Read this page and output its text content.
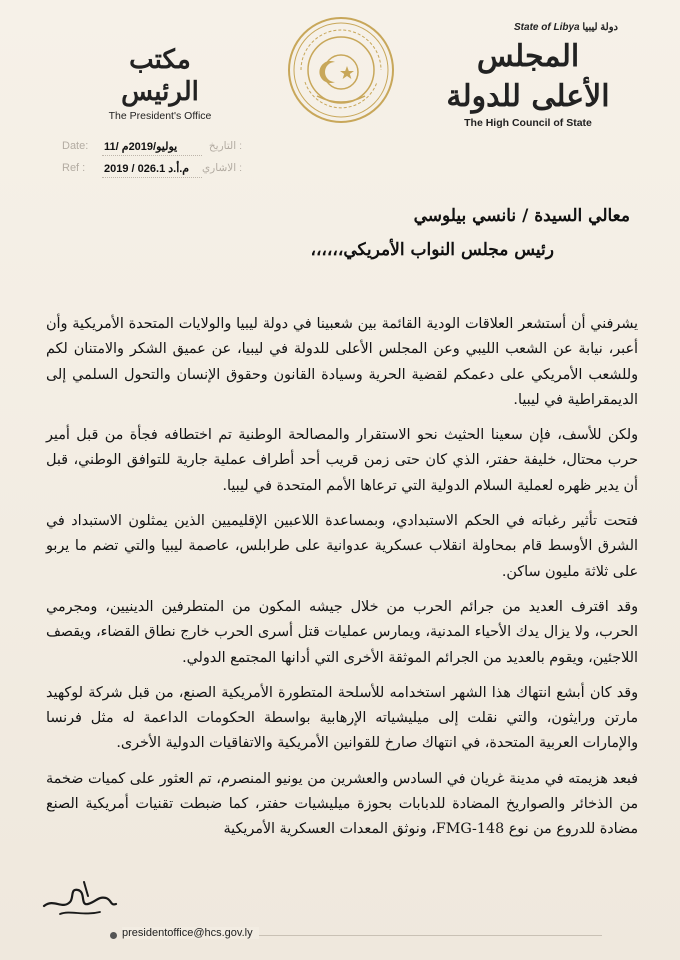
مكتب الرئيس
The President's Office
State of Libya دولة ليبيا
المجلس الأعلى للدولة
The High Council of State
Date: 11/ يوليو/2019م	التاريخ :
Ref : م.أ.د 026.1 / 2019 الاشاري :
معالي السيدة / نانسي بيلوسي
رئيس مجلس النواب الأمريكي،،،،،،

يشرفني أن أستشعر العلاقات الودية القائمة بين شعبينا في دولة ليبيا والولايات المتحدة الأمريكية وأن أعبر، نيابة عن الشعب الليبي وعن المجلس الأعلى للدولة في ليبيا، عن عميق الشكر والامتنان لكم وللشعب الأمريكي على دعمكم لقضية الحرية وسيادة القانون وحقوق الإنسان والتحول السلمي إلى الديمقراطية في ليبيا.

ولكن للأسف، فإن سعينا الحثيث نحو الاستقرار والمصالحة الوطنية تم اختطافه فجأة من قبل أمير حرب محتال، خليفة حفتر، الذي كان حتى زمن قريب أحد أطراف عملية جارية للتوافق الوطني، قبل أن يدير ظهره لعملية السلام الدولية التي ترعاها الأمم المتحدة في ليبيا.

فتحت تأثير رغباته في الحكم الاستبدادي، وبمساعدة اللاعبين الإقليميين الذين يمثلون الاستبداد في الشرق الأوسط قام بمحاولة انقلاب عسكرية عدوانية على طرابلس، عاصمة ليبيا والتي تضم ما يربو على ثلاثة مليون ساكن.

وقد اقترف العديد من جرائم الحرب من خلال جيشه المكون من المتطرفين الدينيين، ومجرمي الحرب، ولا يزال يدك الأحياء المدنية، ويمارس عمليات قتل أسرى الحرب خارج نطاق القضاء، ويقصف اللاجئين، ويقوم بالعديد من الجرائم الموثقة الأخرى التي أدانها المجتمع الدولي.

وقد كان أبشع انتهاك هذا الشهر استخدامه للأسلحة المتطورة الأمريكية الصنع، من قبل شركة لوكهيد مارتن ورايثون، والتي نقلت إلى ميليشياته الإرهابية بواسطة الحكومات الداعمة له مثل فرنسا والإمارات العربية المتحدة، في انتهاك صارخ للقوانين الأمريكية والاتفاقيات الدولية الأخرى.

فبعد هزيمته في مدينة غريان في السادس والعشرين من يونيو المنصرم، تم العثور على كميات ضخمة من الذخائر والصواريخ المضادة للدبابات بحوزة ميليشيات حفتر، كما ضبطت تقنيات أمريكية الصنع مضادة للدروع من نوع FMG-148، ونوثق المعدات العسكرية الأمريكية

presidentoffice@hcs.gov.ly
